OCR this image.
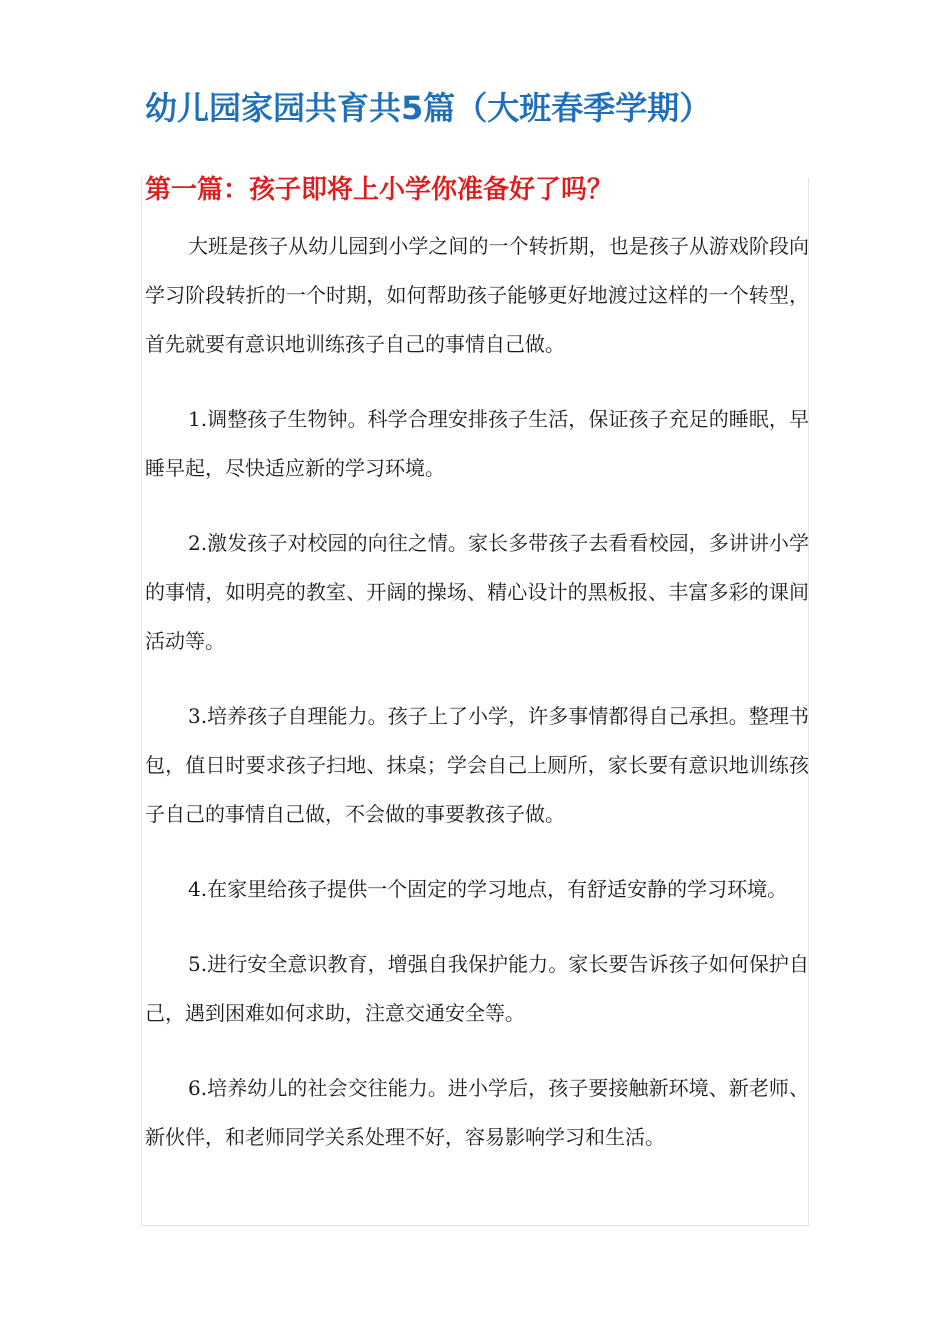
幼儿园家园共育共5篇（大班春季学期）
第一篇：孩子即将上小学你准备好了吗？

大班是孩子从幼儿园到小学之间的一个转折期，也是孩子从游戏阶段向学习阶段转折的一个时期，如何帮助孩子能够更好地渡过这样的一个转型，首先就要有意识地训练孩子自己的事情自己做。

1.调整孩子生物钟。科学合理安排孩子生活，保证孩子充足的睡眠，早睡早起，尽快适应新的学习环境。

2.激发孩子对校园的向往之情。家长多带孩子去看看校园，多讲讲小学的事情，如明亮的教室、开阔的操场、精心设计的黑板报、丰富多彩的课间活动等。

3.培养孩子自理能力。孩子上了小学，许多事情都得自己承担。整理书包，值日时要求孩子扫地、抹桌；学会自己上厕所，家长要有意识地训练孩子自己的事情自己做，不会做的事要教孩子做。

4.在家里给孩子提供一个固定的学习地点，有舒适安静的学习环境。

5.进行安全意识教育，增强自我保护能力。家长要告诉孩子如何保护自己，遇到困难如何求助，注意交通安全等。

6.培养幼儿的社会交往能力。进小学后，孩子要接触新环境、新老师、新伙伴，和老师同学关系处理不好，容易影响学习和生活。
